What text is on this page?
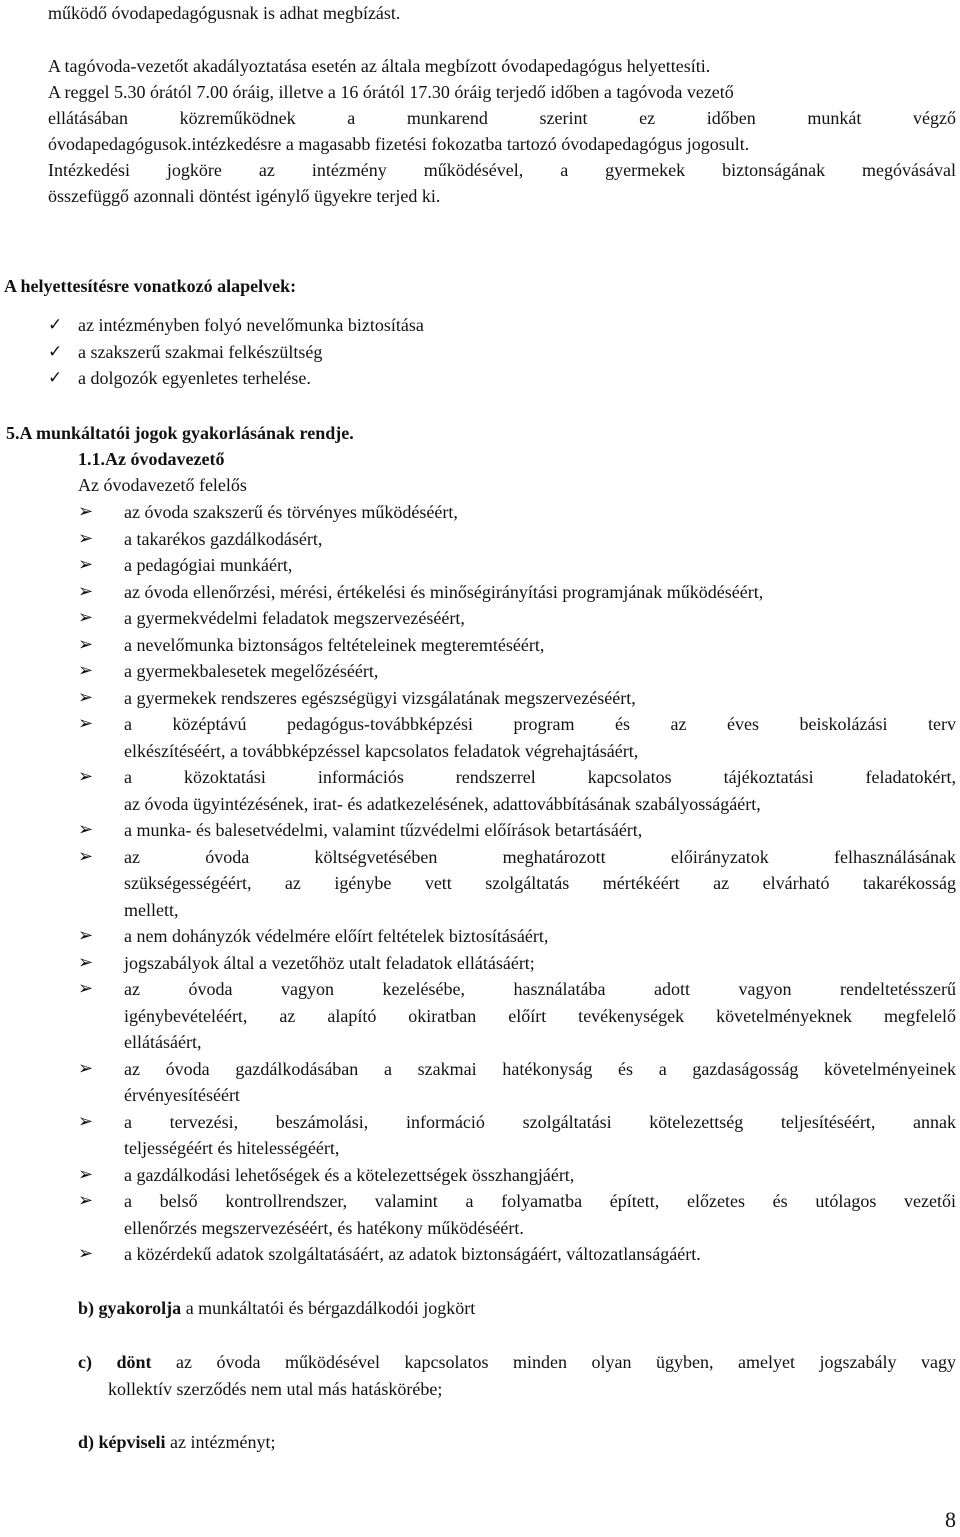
működő óvodapedagógusnak is adhat megbízást.

A tagóvoda-vezetőt akadályoztatása esetén az általa megbízott óvodapedagógus helyettesíti.

A reggel 5.30 órától 7.00 óráig, illetve a 16 órától 17.30 óráig terjedő időben a tagóvoda vezető

ellátásában közreműködnek a munkarend szerint ez időben munkát végző

óvodapedagógusok.intézkedésre a magasabb fizetési fokozatba tartozó óvodapedagógus jogosult.

Intézkedési jogköre az intézmény működésével, a gyermekek biztonságának megóvásával

összefüggő azonnali döntést igénylő ügyekre terjed ki.

A helyettesítésre vonatkozó alapelvek:

✓ az intézményben folyó nevelőmunka biztosítása
✓ a szakszerű szakmai felkészültség
✓ a dolgozók egyenletes terhelése.

5.A munkáltatói jogok gyakorlásának rendje.

1.1.Az óvodavezető

Az óvodavezető felelős

➢ az óvoda szakszerű és törvényes működéséért,
➢ a takarékos gazdálkodásért,
➢ a pedagógiai munkáért,
➢ az óvoda ellenőrzési, mérési, értékelési és minőségirányítási programjának működéséért,
➢ a gyermekvédelmi feladatok megszervezéséért,
➢ a nevelőmunka biztonságos feltételeinek megteremtéséért,
➢ a gyermekbalesetek megelőzéséért,
➢ a gyermekek rendszeres egészségügyi vizsgálatának megszervezéséért,
➢ a középtávú pedagógus-továbbképzési program és az éves beiskolázási terv
elkészítéséért, a továbbképzéssel kapcsolatos feladatok végrehajtásáért,
➢ a közoktatási információs rendszerrel kapcsolatos tájékoztatási feladatokért,
az óvoda ügyintézésének, irat- és adatkezelésének, adattovábbításának szabályosságáért,
➢ a munka- és balesetvédelmi, valamint tűzvédelmi előírások betartásáért,
➢ az óvoda költségvetésében meghatározott előirányzatok felhasználásának
szükségességéért, az igénybe vett szolgáltatás mértékéért az elvárható takarékosság
mellett,
➢ a nem dohányzók védelmére előírt feltételek biztosításáért,
➢ jogszabályok által a vezetőhöz utalt feladatok ellátásáért;
➢ az óvoda vagyon kezelésébe, használatába adott vagyon rendeltetésszerű
igénybevételéért, az alapító okiratban előírt tevékenységek követelményeknek megfelelő
ellátásáért,
➢ az óvoda gazdálkodásában a szakmai hatékonyság és a gazdaságosság követelményeinek
érvényesítéséért
➢ a tervezési, beszámolási, információ szolgáltatási kötelezettség teljesítéséért, annak
teljességéért és hitelességéért,
➢ a gazdálkodási lehetőségek és a kötelezettségek összhangjáért,
➢ a belső kontrollrendszer, valamint a folyamatba épített, előzetes és utólagos vezetői
ellenőrzés megszervezéséért, és hatékony működéséért.
➢ a közérdekű adatok szolgáltatásáért, az adatok biztonságáért, változatlanságáért.

b) gyakorolja a munkáltatói és bérgazdálkodói jogkört

c) dönt az óvoda működésével kapcsolatos minden olyan ügyben, amelyet jogszabály vagy
kollektív szerződés nem utal más hatáskörébe;

d) képviseli az intézményt;

8
